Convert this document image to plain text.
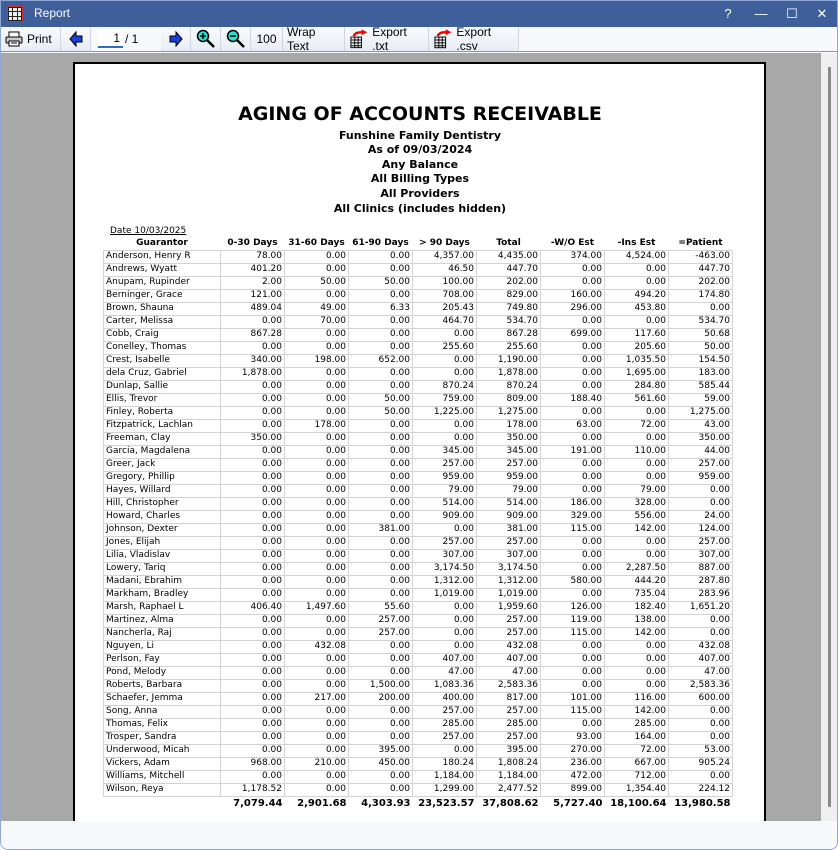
Report	?	—	☐	✕
Print
1	/ 1	100 Wrap Text
Export .txt
Export .csv
AGING OF ACCOUNTS RECEIVABLE
Funshine Family Dentistry
As of 09/03/2024
Any Balance
All Billing Types
All Providers
All Clinics (includes hidden)
Date 10/03/2025
Guarantor	0-30 Days	31-60 Days	61-90 Days	> 90 Days	Total	-W/O Est	-Ins Est	=Patient
Anderson, Henry R	78.00	0.00	0.00	4,357.00	4,435.00	374.00	4,524.00	-463.00
Andrews, Wyatt	401.20	0.00	0.00	46.50	447.70	0.00	0.00	447.70
Anupam, Rupinder	2.00	50.00	50.00	100.00	202.00	0.00	0.00	202.00
Berninger, Grace	121.00	0.00	0.00	708.00	829.00	160.00	494.20	174.80
Brown, Shauna	489.04	49.00	6.33	205.43	749.80	296.00	453.80	0.00
Carter, Melissa	0.00	70.00	0.00	464.70	534.70	0.00	0.00	534.70
Cobb, Craig	867.28	0.00	0.00	0.00	867.28	699.00	117.60	50.68
Conelley, Thomas	0.00	0.00	0.00	255.60	255.60	0.00	205.60	50.00
Crest, Isabelle	340.00	198.00	652.00	0.00	1,190.00	0.00	1,035.50	154.50
dela Cruz, Gabriel	1,878.00	0.00	0.00	0.00	1,878.00	0.00	1,695.00	183.00
Dunlap, Sallie	0.00	0.00	0.00	870.24	870.24	0.00	284.80	585.44
Ellis, Trevor	0.00	0.00	50.00	759.00	809.00	188.40	561.60	59.00
Finley, Roberta	0.00	0.00	50.00	1,225.00	1,275.00	0.00	0.00	1,275.00
Fitzpatrick, Lachlan	0.00	178.00	0.00	0.00	178.00	63.00	72.00	43.00
Freeman, Clay	350.00	0.00	0.00	0.00	350.00	0.00	0.00	350.00
Garcia, Magdalena	0.00	0.00	0.00	345.00	345.00	191.00	110.00	44.00
Greer, Jack	0.00	0.00	0.00	257.00	257.00	0.00	0.00	257.00
Gregory, Phillip	0.00	0.00	0.00	959.00	959.00	0.00	0.00	959.00
Hayes, Willard	0.00	0.00	0.00	79.00	79.00	0.00	79.00	0.00
Hill, Christopher	0.00	0.00	0.00	514.00	514.00	186.00	328.00	0.00
Howard, Charles	0.00	0.00	0.00	909.00	909.00	329.00	556.00	24.00
Johnson, Dexter	0.00	0.00	381.00	0.00	381.00	115.00	142.00	124.00
Jones, Elijah	0.00	0.00	0.00	257.00	257.00	0.00	0.00	257.00
Lilia, Vladislav	0.00	0.00	0.00	307.00	307.00	0.00	0.00	307.00
Lowery, Tariq	0.00	0.00	0.00	3,174.50	3,174.50	0.00	2,287.50	887.00
Madani, Ebrahim	0.00	0.00	0.00	1,312.00	1,312.00	580.00	444.20	287.80
Markham, Bradley	0.00	0.00	0.00	1,019.00	1,019.00	0.00	735.04	283.96
Marsh, Raphael L	406.40	1,497.60	55.60	0.00	1,959.60	126.00	182.40	1,651.20
Martinez, Alma	0.00	0.00	257.00	0.00	257.00	119.00	138.00	0.00
Nancherla, Raj	0.00	0.00	257.00	0.00	257.00	115.00	142.00	0.00
Nguyen, Li	0.00	432.08	0.00	0.00	432.08	0.00	0.00	432.08
Perlson, Fay	0.00	0.00	0.00	407.00	407.00	0.00	0.00	407.00
Pond, Melody	0.00	0.00	0.00	47.00	47.00	0.00	0.00	47.00
Roberts, Barbara	0.00	0.00	1,500.00	1,083.36	2,583.36	0.00	0.00	2,583.36
Schaefer, Jemma	0.00	217.00	200.00	400.00	817.00	101.00	116.00	600.00
Song, Anna	0.00	0.00	0.00	257.00	257.00	115.00	142.00	0.00
Thomas, Felix	0.00	0.00	0.00	285.00	285.00	0.00	285.00	0.00
Trosper, Sandra	0.00	0.00	0.00	257.00	257.00	93.00	164.00	0.00
Underwood, Micah	0.00	0.00	395.00	0.00	395.00	270.00	72.00	53.00
Vickers, Adam	968.00	210.00	450.00	180.24	1,808.24	236.00	667.00	905.24
Williams, Mitchell	0.00	0.00	0.00	1,184.00	1,184.00	472.00	712.00	0.00
Wilson, Reya	1,178.52	0.00	0.00	1,299.00	2,477.52	899.00	1,354.40	224.12
	7,079.44	2,901.68	4,303.93	23,523.57	37,808.62	5,727.40	18,100.64	13,980.58
